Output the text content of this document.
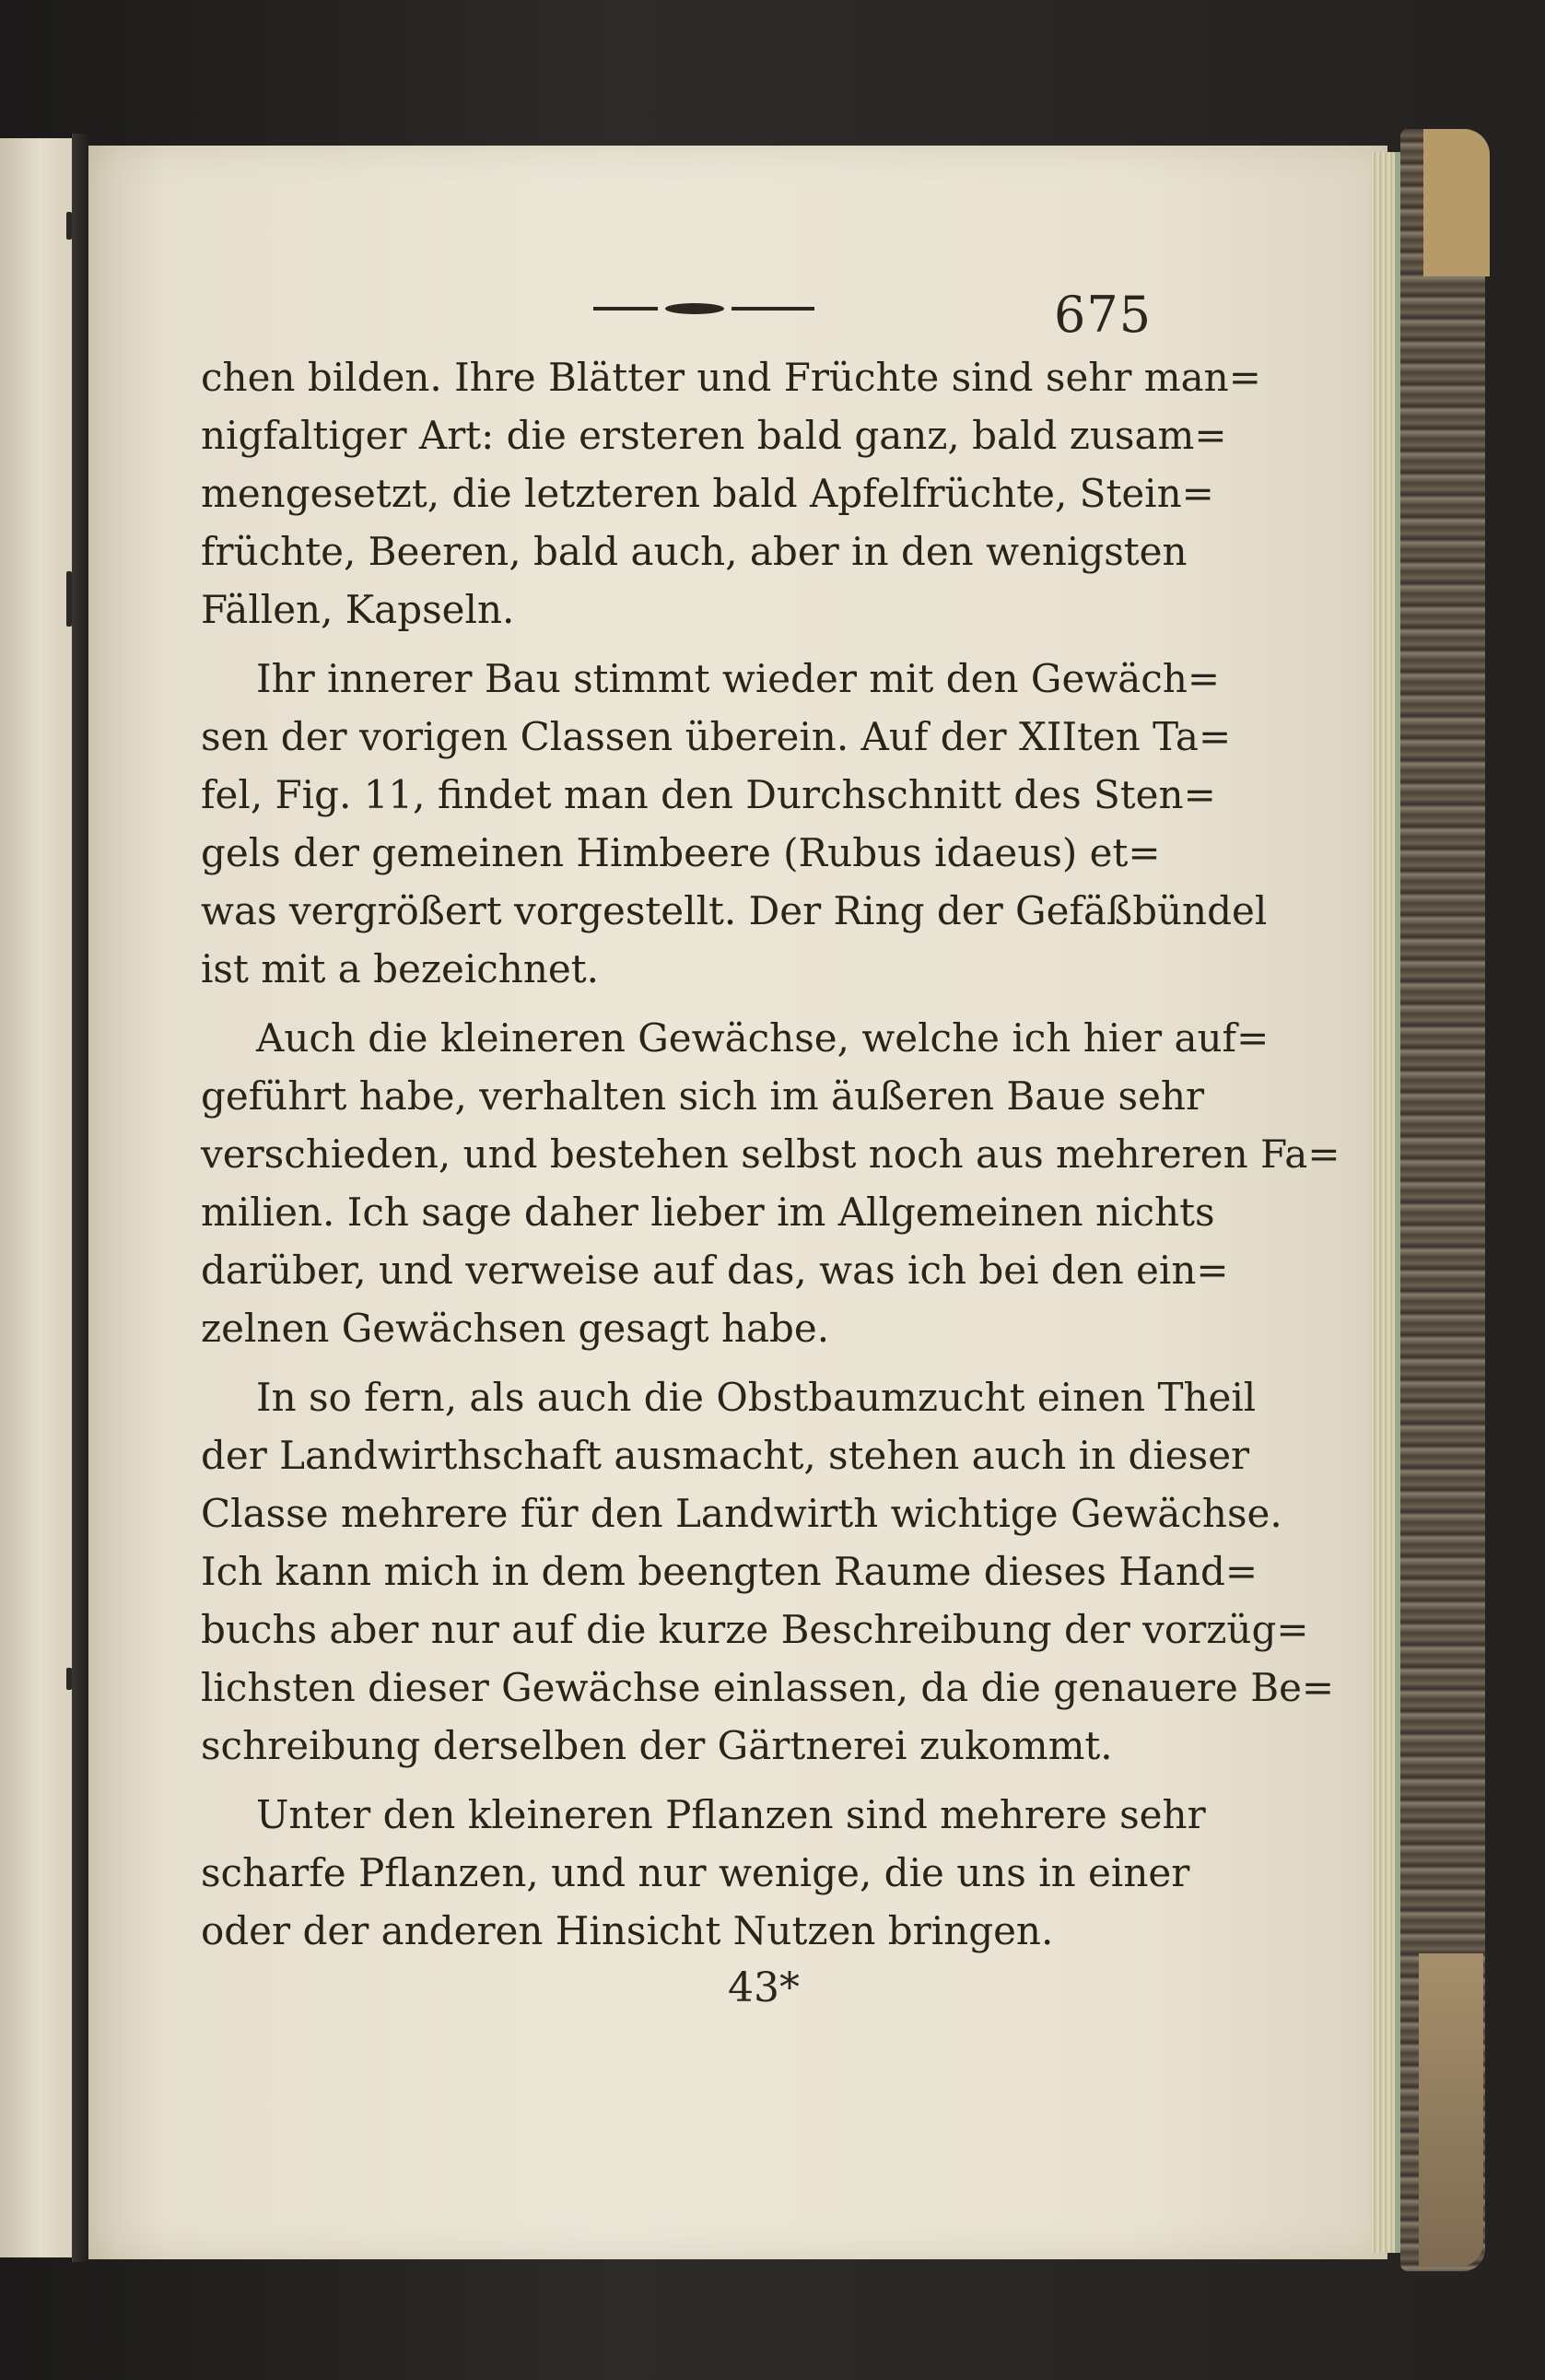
675
chen bilden. Ihre Blätter und Früchte sind sehr man=
nigfaltiger Art: die ersteren bald ganz, bald zusam=
mengesetzt, die letzteren bald Apfelfrüchte, Stein=
früchte, Beeren, bald auch, aber in den wenigsten
Fällen, Kapseln.
Ihr innerer Bau stimmt wieder mit den Gewäch=
sen der vorigen Classen überein. Auf der XIIten Ta=
fel, Fig. 11, findet man den Durchschnitt des Sten=
gels der gemeinen Himbeere (Rubus idaeus) et=
was vergrößert vorgestellt. Der Ring der Gefäßbündel
ist mit a bezeichnet.
Auch die kleineren Gewächse, welche ich hier auf=
geführt habe, verhalten sich im äußeren Baue sehr
verschieden, und bestehen selbst noch aus mehreren Fa=
milien. Ich sage daher lieber im Allgemeinen nichts
darüber, und verweise auf das, was ich bei den ein=
zelnen Gewächsen gesagt habe.
In so fern, als auch die Obstbaumzucht einen Theil
der Landwirthschaft ausmacht, stehen auch in dieser
Classe mehrere für den Landwirth wichtige Gewächse.
Ich kann mich in dem beengten Raume dieses Hand=
buchs aber nur auf die kurze Beschreibung der vorzüg=
lichsten dieser Gewächse einlassen, da die genauere Be=
schreibung derselben der Gärtnerei zukommt.
Unter den kleineren Pflanzen sind mehrere sehr
scharfe Pflanzen, und nur wenige, die uns in einer
oder der anderen Hinsicht Nutzen bringen.
43*
